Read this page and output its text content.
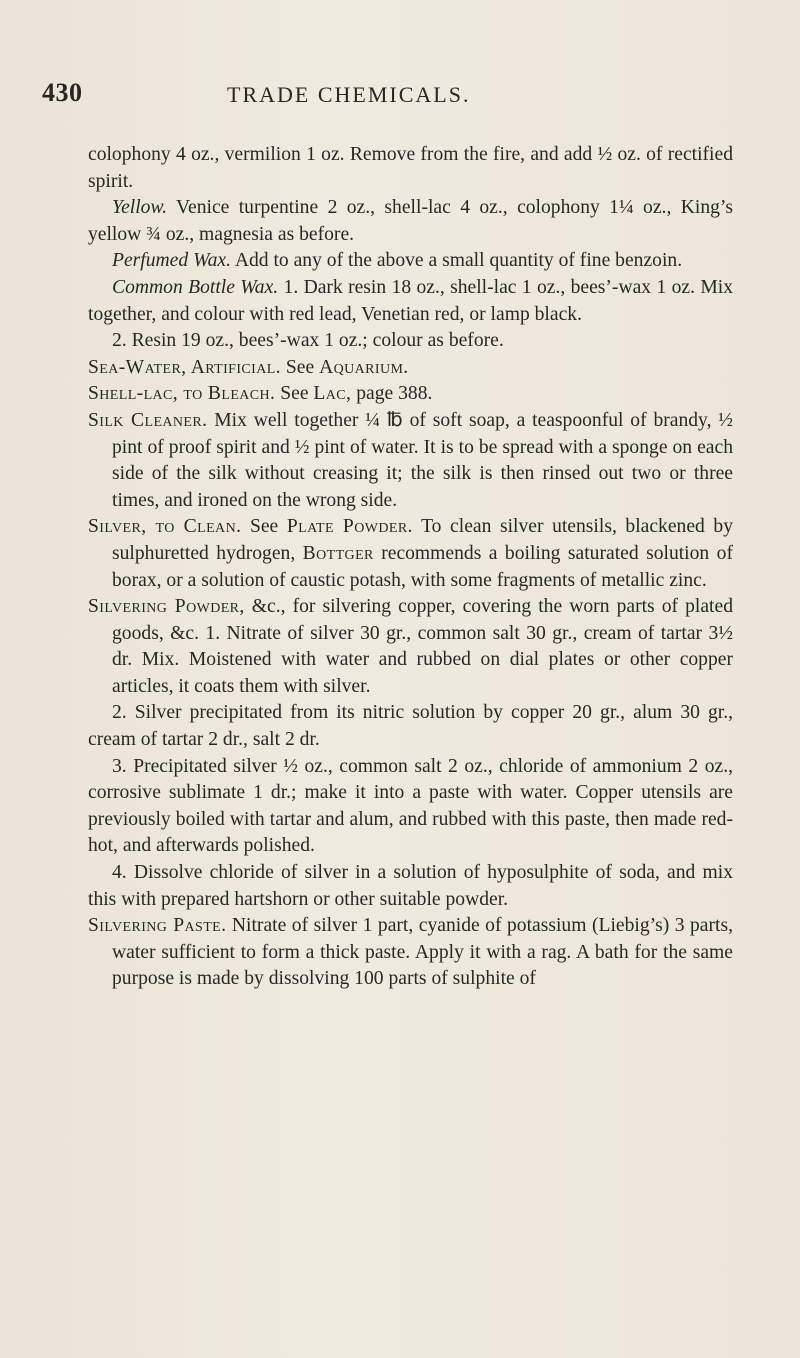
430	TRADE CHEMICALS.

colophony 4 oz., vermilion 1 oz. Remove from the fire, and add ½ oz. of rectified spirit.

Yellow. Venice turpentine 2 oz., shell-lac 4 oz., colophony 1¼ oz., King’s yellow ¾ oz., magnesia as before.

Perfumed Wax. Add to any of the above a small quantity of fine benzoin.

Common Bottle Wax. 1. Dark resin 18 oz., shell-lac 1 oz., bees’-wax 1 oz. Mix together, and colour with red lead, Venetian red, or lamp black.

2. Resin 19 oz., bees’-wax 1 oz.; colour as before.

Sea-Water, Artificial. See Aquarium.

Shell-lac, to Bleach. See Lac, page 388.

Silk Cleaner. Mix well together ¼ ℔ of soft soap, a teaspoonful of brandy, ½ pint of proof spirit and ½ pint of water. It is to be spread with a sponge on each side of the silk without creasing it; the silk is then rinsed out two or three times, and ironed on the wrong side.

Silver, to Clean. See Plate Powder. To clean silver utensils, blackened by sulphuretted hydrogen, Bottger recommends a boiling saturated solution of borax, or a solution of caustic potash, with some fragments of metallic zinc.

Silvering Powder, &c., for silvering copper, covering the worn parts of plated goods, &c. 1. Nitrate of silver 30 gr., common salt 30 gr., cream of tartar 3½ dr. Mix. Moistened with water and rubbed on dial plates or other copper articles, it coats them with silver.

2. Silver precipitated from its nitric solution by copper 20 gr., alum 30 gr., cream of tartar 2 dr., salt 2 dr.

3. Precipitated silver ½ oz., common salt 2 oz., chloride of ammonium 2 oz., corrosive sublimate 1 dr.; make it into a paste with water. Copper utensils are previously boiled with tartar and alum, and rubbed with this paste, then made red-hot, and afterwards polished.

4. Dissolve chloride of silver in a solution of hyposulphite of soda, and mix this with prepared hartshorn or other suitable powder.

Silvering Paste. Nitrate of silver 1 part, cyanide of potassium (Liebig’s) 3 parts, water sufficient to form a thick paste. Apply it with a rag. A bath for the same purpose is made by dissolving 100 parts of sulphite of
